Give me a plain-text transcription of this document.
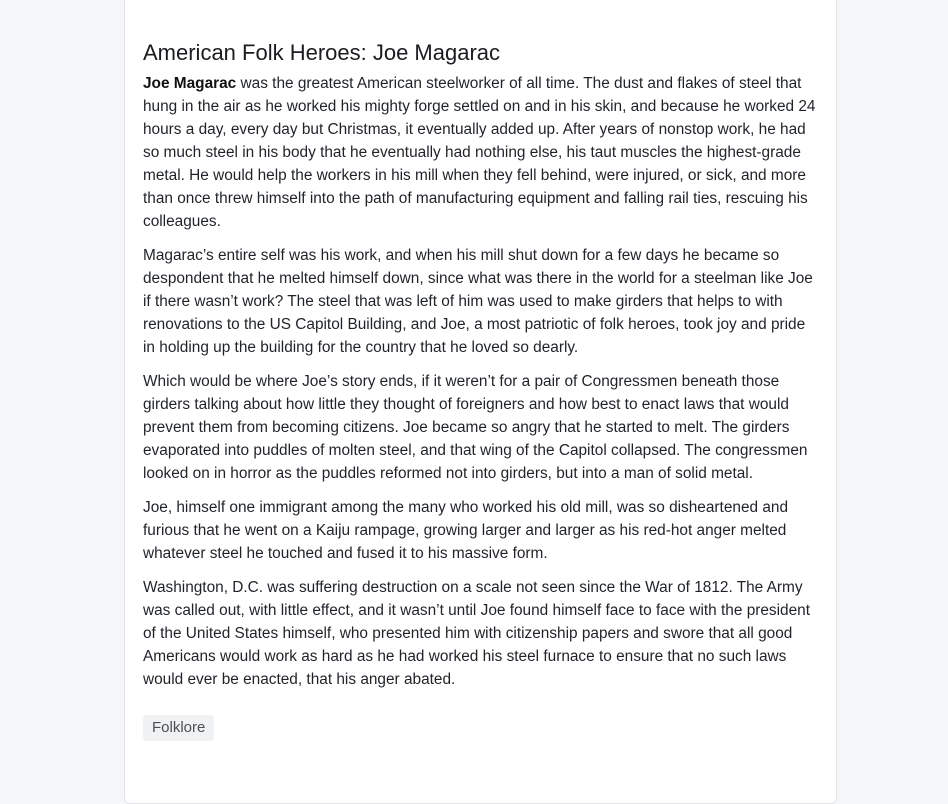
American Folk Heroes: Joe Magarac

Joe Magarac was the greatest American steelworker of all time. The dust and flakes of steel that hung in the air as he worked his mighty forge settled on and in his skin, and because he worked 24 hours a day, every day but Christmas, it eventually added up. After years of nonstop work, he had so much steel in his body that he eventually had nothing else, his taut muscles the highest-grade metal. He would help the workers in his mill when they fell behind, were injured, or sick, and more than once threw himself into the path of manufacturing equipment and falling rail ties, rescuing his colleagues.

Magarac’s entire self was his work, and when his mill shut down for a few days he became so despondent that he melted himself down, since what was there in the world for a steelman like Joe if there wasn’t work? The steel that was left of him was used to make girders that helps to with renovations to the US Capitol Building, and Joe, a most patriotic of folk heroes, took joy and pride in holding up the building for the country that he loved so dearly.

Which would be where Joe’s story ends, if it weren’t for a pair of Congressmen beneath those girders talking about how little they thought of foreigners and how best to enact laws that would prevent them from becoming citizens. Joe became so angry that he started to melt. The girders evaporated into puddles of molten steel, and that wing of the Capitol collapsed. The congressmen looked on in horror as the puddles reformed not into girders, but into a man of solid metal.

Joe, himself one immigrant among the many who worked his old mill, was so disheartened and furious that he went on a Kaiju rampage, growing larger and larger as his red-hot anger melted whatever steel he touched and fused it to his massive form.

Washington, D.C. was suffering destruction on a scale not seen since the War of 1812. The Army was called out, with little effect, and it wasn’t until Joe found himself face to face with the president of the United States himself, who presented him with citizenship papers and swore that all good Americans would work as hard as he had worked his steel furnace to ensure that no such laws would ever be enacted, that his anger abated.

Folklore
